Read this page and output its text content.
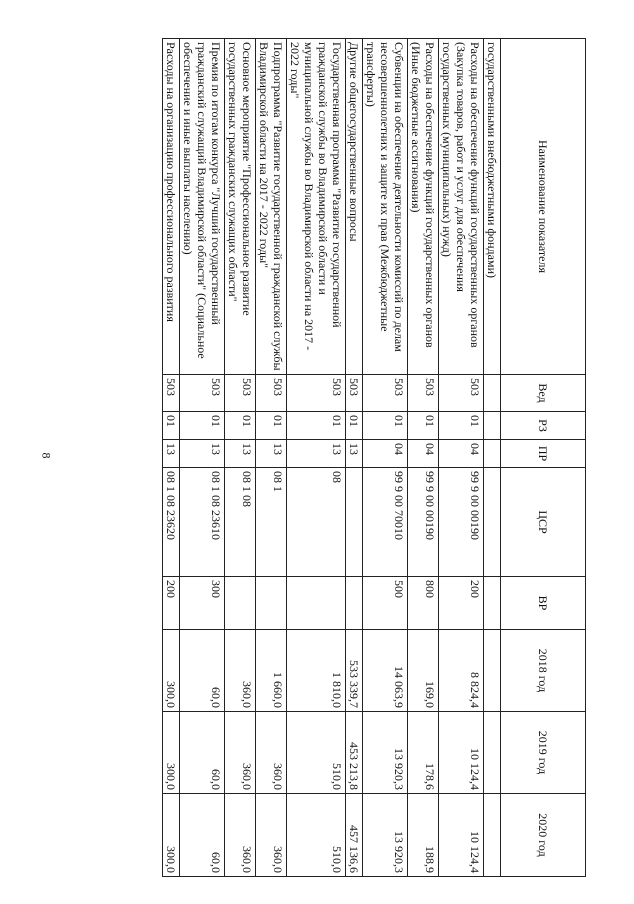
8
Наименование показателя	Вед	РЗ	ПР	ЦСР	ВР	2018 год	2019 год	2020 год
государственными внебюджетными фондами)								
Расходы на обеспечение функций государственных органов (Закупка товаров, работ и услуг для обеспечения государственных (муниципальных) нужд)	503	01	04	99 9 00 00190	200	8 824,4	10 124,4	10 124,4
Расходы на обеспечение функций государственных органов (Иные бюджетные ассигнования)	503	01	04	99 9 00 00190	800	169,0	178,6	188,9
Субвенции на обеспечение деятельности комиссий по делам несовершеннолетних и защите их прав (Межбюджетные трансферты)	503	01	04	99 9 00 70010	500	14 063,9	13 920,3	13 920,3
Другие общегосударственные вопросы	503	01	13			533 339,7	453 213,8	457 136,6
Государственная программа "Развитие государственной гражданской службы во Владимирской области и муниципальной службы во Владимирской области на 2017 - 2022 годы"	503	01	13	08		1 810,0	510,0	510,0
Подпрограмма "Развитие государственной гражданской службы Владимирской области на 2017 - 2022 годы"	503	01	13	08 1		1 660,0	360,0	360,0
Основное мероприятие "Профессиональное развитие государственных гражданских служащих области"	503	01	13	08 1 08		360,0	360,0	360,0
Премия по итогам конкурса "Лучший государственный гражданский служащий Владимирской области" (Социальное обеспечение и иные выплаты населению)	503	01	13	08 1 08 23610	300	60,0	60,0	60,0
Расходы на организацию профессионального развития	503	01	13	08 1 08 23620	200	300,0	300,0	300,0
